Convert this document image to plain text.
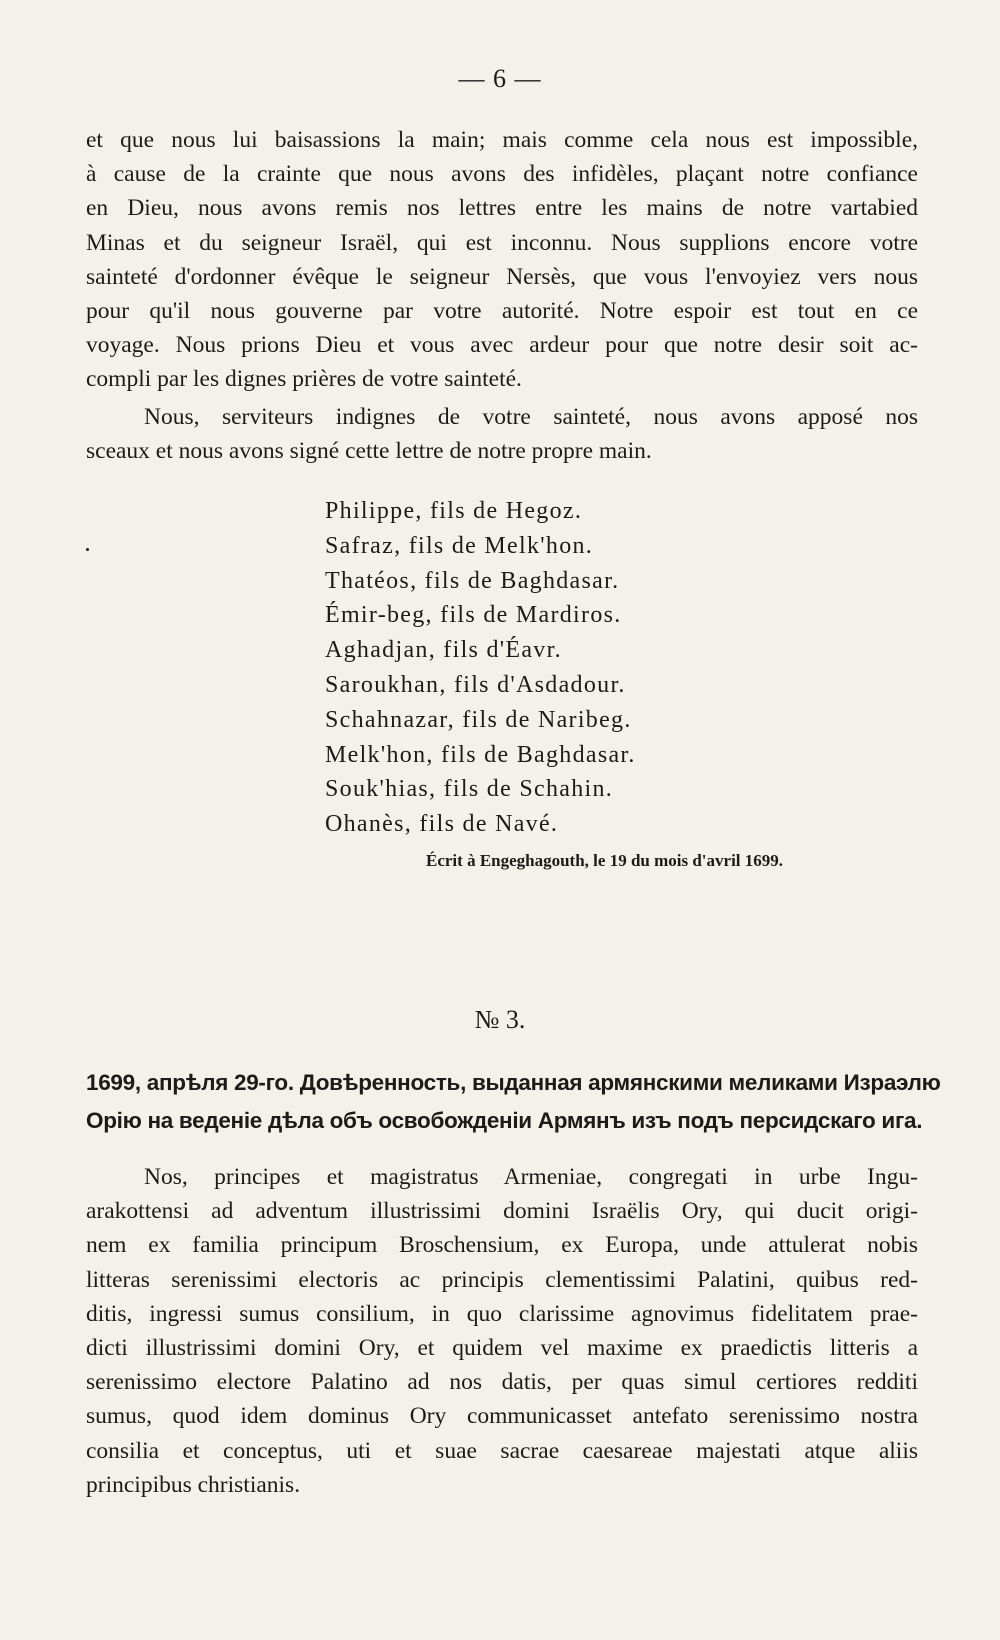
— 6 —
et que nous lui baisassions la main; mais comme cela nous est impossible,
à cause de la crainte que nous avons des infidèles, plaçant notre confiance
en Dieu, nous avons remis nos lettres entre les mains de notre vartabied
Minas et du seigneur Israël, qui est inconnu. Nous supplions encore votre
sainteté d'ordonner évêque le seigneur Nersès, que vous l'envoyiez vers nous
pour qu'il nous gouverne par votre autorité. Notre espoir est tout en ce
voyage. Nous prions Dieu et vous avec ardeur pour que notre desir soit ac-
compli par les dignes prières de votre sainteté.
Nous, serviteurs indignes de votre sainteté, nous avons apposé nos
sceaux et nous avons signé cette lettre de notre propre main.
Philippe, fils de Hegoz.
Safraz, fils de Melk'hon.
Thatéos, fils de Baghdasar.
Émir-beg, fils de Mardiros.
Aghadjan, fils d'Éavr.
Saroukhan, fils d'Asdadour.
Schahnazar, fils de Naribeg.
Melk'hon, fils de Baghdasar.
Souk'hias, fils de Schahin.
Ohanès, fils de Navé.
Écrit à Engeghagouth, le 19 du mois d'avril 1699.
№ 3.
1699, апрѣля 29-го. Довѣренность, выданная армянскими меликами Израэлю
Орію на веденіе дѣла объ освобожденіи Армянъ изъ подъ персидскаго ига.
Nos, principes et magistratus Armeniae, congregati in urbe Ingu-
arakottensi ad adventum illustrissimi domini Israëlis Ory, qui ducit origi-
nem ex familia principum Broschensium, ex Europa, unde attulerat nobis
litteras serenissimi electoris ac principis clementissimi Palatini, quibus red-
ditis, ingressi sumus consilium, in quo clarissime agnovimus fidelitatem prae-
dicti illustrissimi domini Ory, et quidem vel maxime ex praedictis litteris a
serenissimo electore Palatino ad nos datis, per quas simul certiores redditi
sumus, quod idem dominus Ory communicasset antefato serenissimo nostra
consilia et conceptus, uti et suae sacrae caesareae majestati atque aliis
principibus christianis.
